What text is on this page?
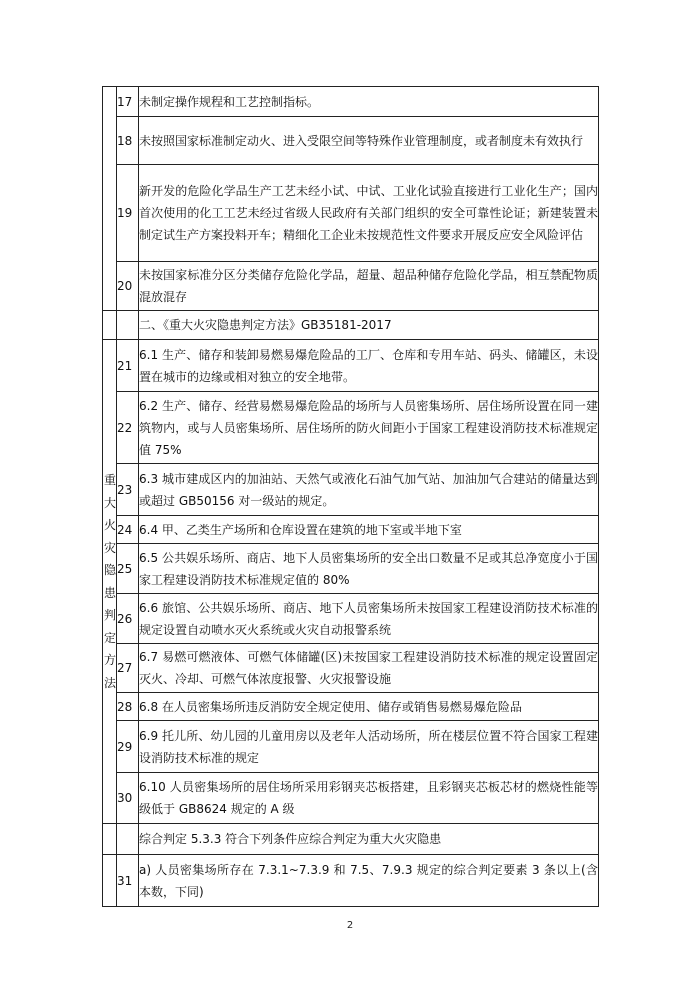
	17	未制定操作规程和工艺控制指标。
	18	未按照国家标准制定动火、进入受限空间等特殊作业管理制度，或者制度未有效执行
	19	新开发的危险化学品生产工艺未经小试、中试、工业化试验直接进行工业化生产；国内首次使用的化工工艺未经过省级人民政府有关部门组织的安全可靠性论证；新建装置未制定试生产方案投料开车；精细化工企业未按规范性文件要求开展反应安全风险评估
	20	未按国家标准分区分类储存危险化学品，超量、超品种储存危险化学品，相互禁配物质混放混存
		二、《重大火灾隐患判定方法》GB35181-2017
重大火灾隐患判定方法	21	6.1 生产、储存和装卸易燃易爆危险品的工厂、仓库和专用车站、码头、储罐区，未设置在城市的边缘或相对独立的安全地带。
	22	6.2 生产、储存、经营易燃易爆危险品的场所与人员密集场所、居住场所设置在同一建筑物内，或与人员密集场所、居住场所的防火间距小于国家工程建设消防技术标准规定值 75%
	23	6.3 城市建成区内的加油站、天然气或液化石油气加气站、加油加气合建站的储量达到或超过 GB50156 对一级站的规定。
	24	6.4 甲、乙类生产场所和仓库设置在建筑的地下室或半地下室
	25	6.5 公共娱乐场所、商店、地下人员密集场所的安全出口数量不足或其总净宽度小于国家工程建设消防技术标准规定值的 80%
	26	6.6 旅馆、公共娱乐场所、商店、地下人员密集场所未按国家工程建设消防技术标准的规定设置自动喷水灭火系统或火灾自动报警系统
	27	6.7 易燃可燃液体、可燃气体储罐(区)未按国家工程建设消防技术标准的规定设置固定灭火、冷却、可燃气体浓度报警、火灾报警设施
	28	6.8 在人员密集场所违反消防安全规定使用、储存或销售易燃易爆危险品
	29	6.9 托儿所、幼儿园的儿童用房以及老年人活动场所，所在楼层位置不符合国家工程建设消防技术标准的规定
	30	6.10 人员密集场所的居住场所采用彩钢夹芯板搭建，且彩钢夹芯板芯材的燃烧性能等级低于 GB8624 规定的 A 级
		综合判定 5.3.3 符合下列条件应综合判定为重大火灾隐患
	31	a) 人员密集场所存在 7.3.1~7.3.9 和 7.5、7.9.3 规定的综合判定要素 3 条以上(含本数，下同)
2
